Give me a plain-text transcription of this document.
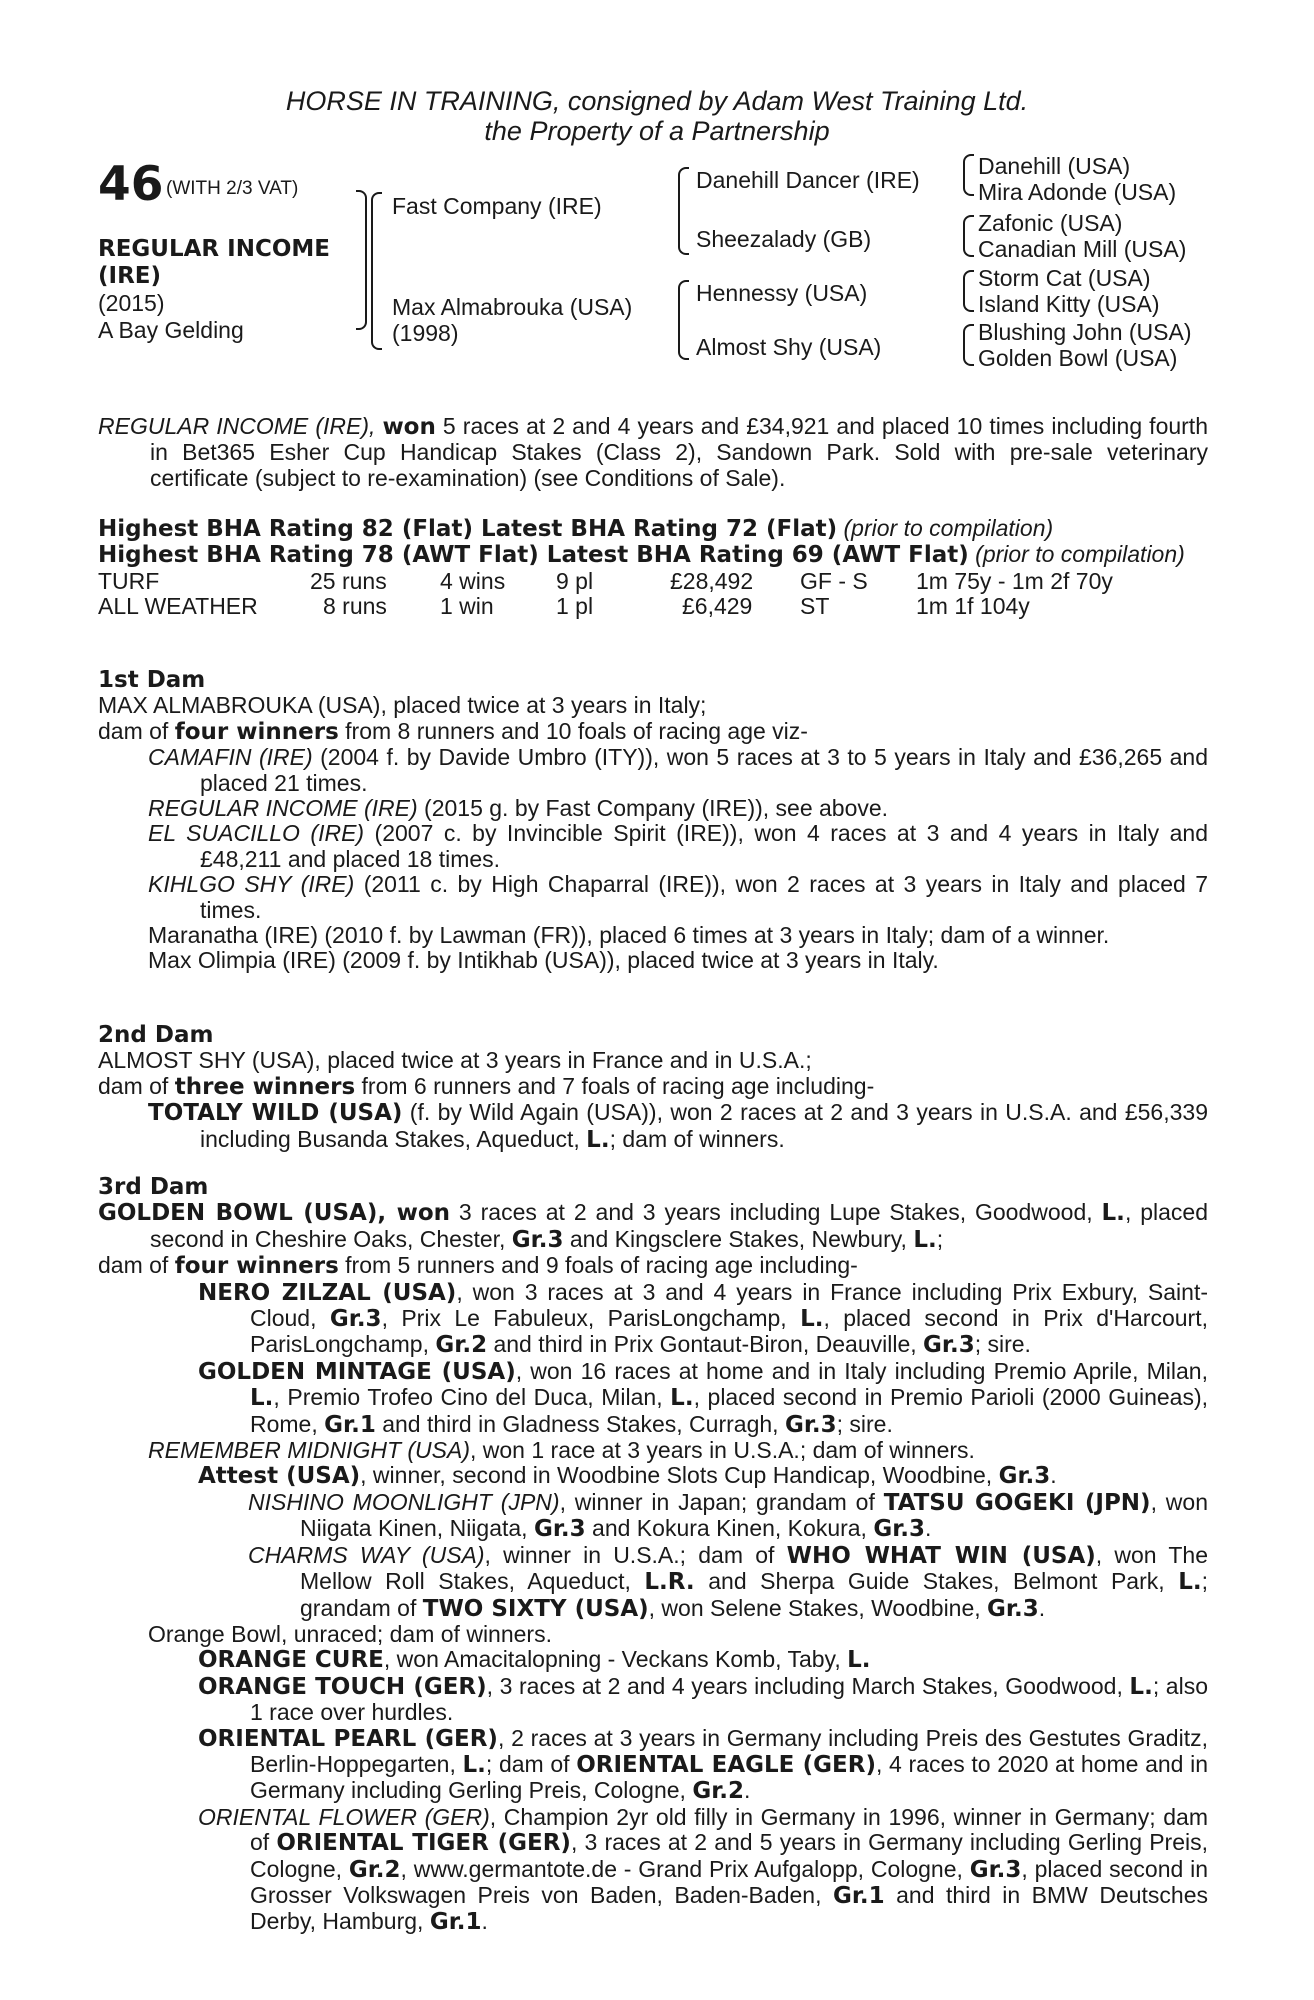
HORSE IN TRAINING, consigned by Adam West Training Ltd.
the Property of a Partnership
46 (WITH 2/3 VAT)
REGULAR INCOME
(IRE)
(2015)
A Bay Gelding
Fast Company (IRE)
Max Almabrouka (USA)
(1998)
Danehill Dancer (IRE)
Sheezalady (GB)
Hennessy (USA)
Almost Shy (USA)
Danehill (USA)
Mira Adonde (USA)
Zafonic (USA)
Canadian Mill (USA)
Storm Cat (USA)
Island Kitty (USA)
Blushing John (USA)
Golden Bowl (USA)

REGULAR INCOME (IRE), won 5 races at 2 and 4 years and £34,921 and placed 10 times including fourth in Bet365 Esher Cup Handicap Stakes (Class 2), Sandown Park. Sold with pre-sale veterinary certificate (subject to re-examination) (see Conditions of Sale).

Highest BHA Rating 82 (Flat) Latest BHA Rating 72 (Flat) (prior to compilation)

Highest BHA Rating 78 (AWT Flat) Latest BHA Rating 69 (AWT Flat) (prior to compilation)

TURF	25 runs 4 wins 9 pl	£28,492 GF - S 1m 75y - 1m 2f 70y
ALL WEATHER	8 runs 1 win	1 pl	£6,429 ST	1m 1f 104y

1st Dam

MAX ALMABROUKA (USA), placed twice at 3 years in Italy;

dam of four winners from 8 runners and 10 foals of racing age viz-

CAMAFIN (IRE) (2004 f. by Davide Umbro (ITY)), won 5 races at 3 to 5 years in Italy and £36,265 and placed 21 times.

REGULAR INCOME (IRE) (2015 g. by Fast Company (IRE)), see above.

EL SUACILLO (IRE) (2007 c. by Invincible Spirit (IRE)), won 4 races at 3 and 4 years in Italy and £48,211 and placed 18 times.

KIHLGO SHY (IRE) (2011 c. by High Chaparral (IRE)), won 2 races at 3 years in Italy and placed 7 times.

Maranatha (IRE) (2010 f. by Lawman (FR)), placed 6 times at 3 years in Italy; dam of a winner.

Max Olimpia (IRE) (2009 f. by Intikhab (USA)), placed twice at 3 years in Italy.

2nd Dam

ALMOST SHY (USA), placed twice at 3 years in France and in U.S.A.;

dam of three winners from 6 runners and 7 foals of racing age including-

TOTALY WILD (USA) (f. by Wild Again (USA)), won 2 races at 2 and 3 years in U.S.A. and £56,339 including Busanda Stakes, Aqueduct, L.; dam of winners.

3rd Dam

GOLDEN BOWL (USA), won 3 races at 2 and 3 years including Lupe Stakes, Goodwood, L., placed second in Cheshire Oaks, Chester, Gr.3 and Kingsclere Stakes, Newbury, L.;

dam of four winners from 5 runners and 9 foals of racing age including-

NERO ZILZAL (USA), won 3 races at 3 and 4 years in France including Prix Exbury, Saint-Cloud, Gr.3, Prix Le Fabuleux, ParisLongchamp, L., placed second in Prix d'Harcourt, ParisLongchamp, Gr.2 and third in Prix Gontaut-Biron, Deauville, Gr.3; sire.

GOLDEN MINTAGE (USA), won 16 races at home and in Italy including Premio Aprile, Milan, L., Premio Trofeo Cino del Duca, Milan, L., placed second in Premio Parioli (2000 Guineas), Rome, Gr.1 and third in Gladness Stakes, Curragh, Gr.3; sire.

REMEMBER MIDNIGHT (USA), won 1 race at 3 years in U.S.A.; dam of winners.

Attest (USA), winner, second in Woodbine Slots Cup Handicap, Woodbine, Gr.3.

NISHINO MOONLIGHT (JPN), winner in Japan; grandam of TATSU GOGEKI (JPN), won Niigata Kinen, Niigata, Gr.3 and Kokura Kinen, Kokura, Gr.3.

CHARMS WAY (USA), winner in U.S.A.; dam of WHO WHAT WIN (USA), won The Mellow Roll Stakes, Aqueduct, L.R. and Sherpa Guide Stakes, Belmont Park, L.; grandam of TWO SIXTY (USA), won Selene Stakes, Woodbine, Gr.3.

Orange Bowl, unraced; dam of winners.

ORANGE CURE, won Amacitalopning - Veckans Komb, Taby, L.

ORANGE TOUCH (GER), 3 races at 2 and 4 years including March Stakes, Goodwood, L.; also 1 race over hurdles.

ORIENTAL PEARL (GER), 2 races at 3 years in Germany including Preis des Gestutes Graditz, Berlin-Hoppegarten, L.; dam of ORIENTAL EAGLE (GER), 4 races to 2020 at home and in Germany including Gerling Preis, Cologne, Gr.2.

ORIENTAL FLOWER (GER), Champion 2yr old filly in Germany in 1996, winner in Germany; dam of ORIENTAL TIGER (GER), 3 races at 2 and 5 years in Germany including Gerling Preis, Cologne, Gr.2, www.germantote.de - Grand Prix Aufgalopp, Cologne, Gr.3, placed second in Grosser Volkswagen Preis von Baden, Baden-Baden, Gr.1 and third in BMW Deutsches Derby, Hamburg, Gr.1.
